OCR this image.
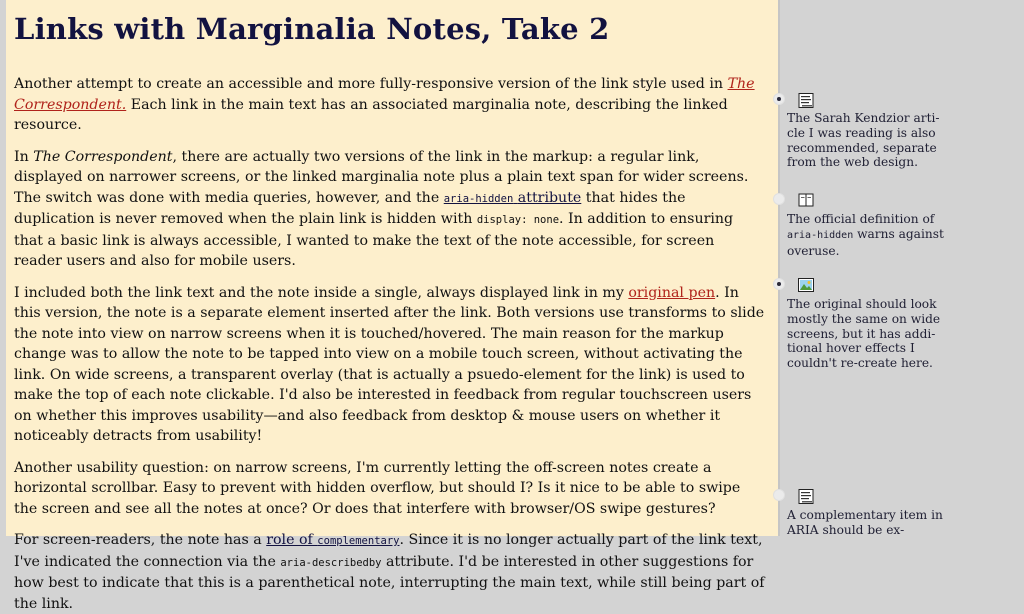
Links with Marginalia Notes, Take 2

Another attempt to create an accessible and more fully-responsive version of the link style used in The Correspondent. Each link in the main text has an associated marginalia note, describing the linked resource.

In The Correspondent, there are actually two versions of the link in the markup: a regular link, displayed on narrower screens, or the linked marginalia note plus a plain text span for wider screens. The switch was done with media queries, however, and the aria-hidden attribute that hides the duplication is never removed when the plain link is hidden with display: none. In addition to ensuring that a basic link is always accessible, I wanted to make the text of the note accessible, for screen reader users and also for mobile users.

I included both the link text and the note inside a single, always displayed link in my original pen. In this version, the note is a separate element inserted after the link. Both versions use transforms to slide the note into view on narrow screens when it is touched/hovered. The main reason for the markup change was to allow the note to be tapped into view on a mobile touch screen, without activating the link. On wide screens, a transparent overlay (that is actually a psuedo-element for the link) is used to make the top of each note clickable. I'd also be interested in feedback from regular touchscreen users on whether this improves usability—and also feedback from desktop & mouse users on whether it noticeably detracts from usability!

Another usability question: on narrow screens, I'm currently letting the off-screen notes create a horizontal scrollbar. Easy to prevent with hidden overflow, but should I? Is it nice to be able to swipe the screen and see all the notes at once? Or does that interfere with browser/OS swipe gestures?

For screen-readers, the note has a role of complementary. Since it is no longer actually part of the link text, I've indicated the connection via the aria-describedby attribute. I'd be interested in other suggestions for how best to indicate that this is a parenthetical note, interrupting the main text, while still being part of the link.

The Sarah Kendzior article I was reading is also recommended, separate from the web design.
The official definition of aria-hidden warns against overuse.
The original should look mostly the same on wide screens, but it has additional hover effects I couldn't re-create here.
A complementary item in ARIA should be ex-
